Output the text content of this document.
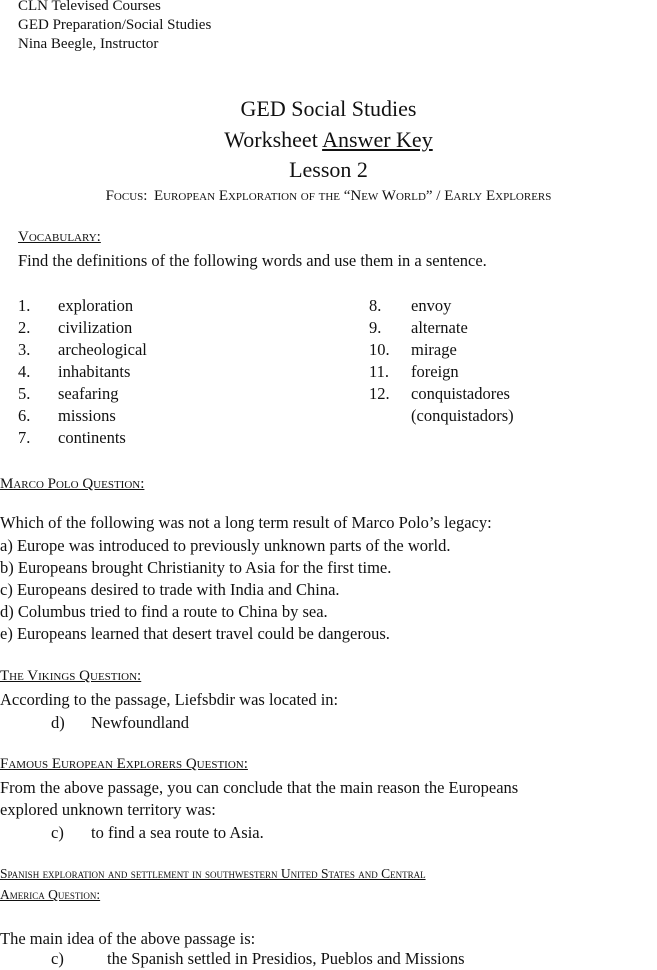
CLN Televised Courses
GED Preparation/Social Studies
Nina Beegle, Instructor
GED Social Studies
Worksheet Answer Key
Lesson 2
Focus: European Exploration of the “New World” / Early Explorers
Vocabulary:
Find the definitions of the following words and use them in a sentence.
1. exploration
2. civilization
3. archeological
4. inhabitants
5. seafaring
6. missions
7. continents
8. envoy
9. alternate
10. mirage
11. foreign
12. conquistadores
(conquistadors)
Marco Polo Question:
Which of the following was not a long term result of Marco Polo’s legacy:
a) Europe was introduced to previously unknown parts of the world.
b) Europeans brought Christianity to Asia for the first time.
c) Europeans desired to trade with India and China.
d) Columbus tried to find a route to China by sea.
e) Europeans learned that desert travel could be dangerous.
The Vikings Question:
According to the passage, Liefsbdir was located in:
d) Newfoundland
Famous European Explorers Question:
From the above passage, you can conclude that the main reason the Europeans
explored unknown territory was:
c) to find a sea route to Asia.
Spanish exploration and settlement in southwestern United States and Central
America Question:
The main idea of the above passage is:
c)	the Spanish settled in Presidios, Pueblos and Missions
